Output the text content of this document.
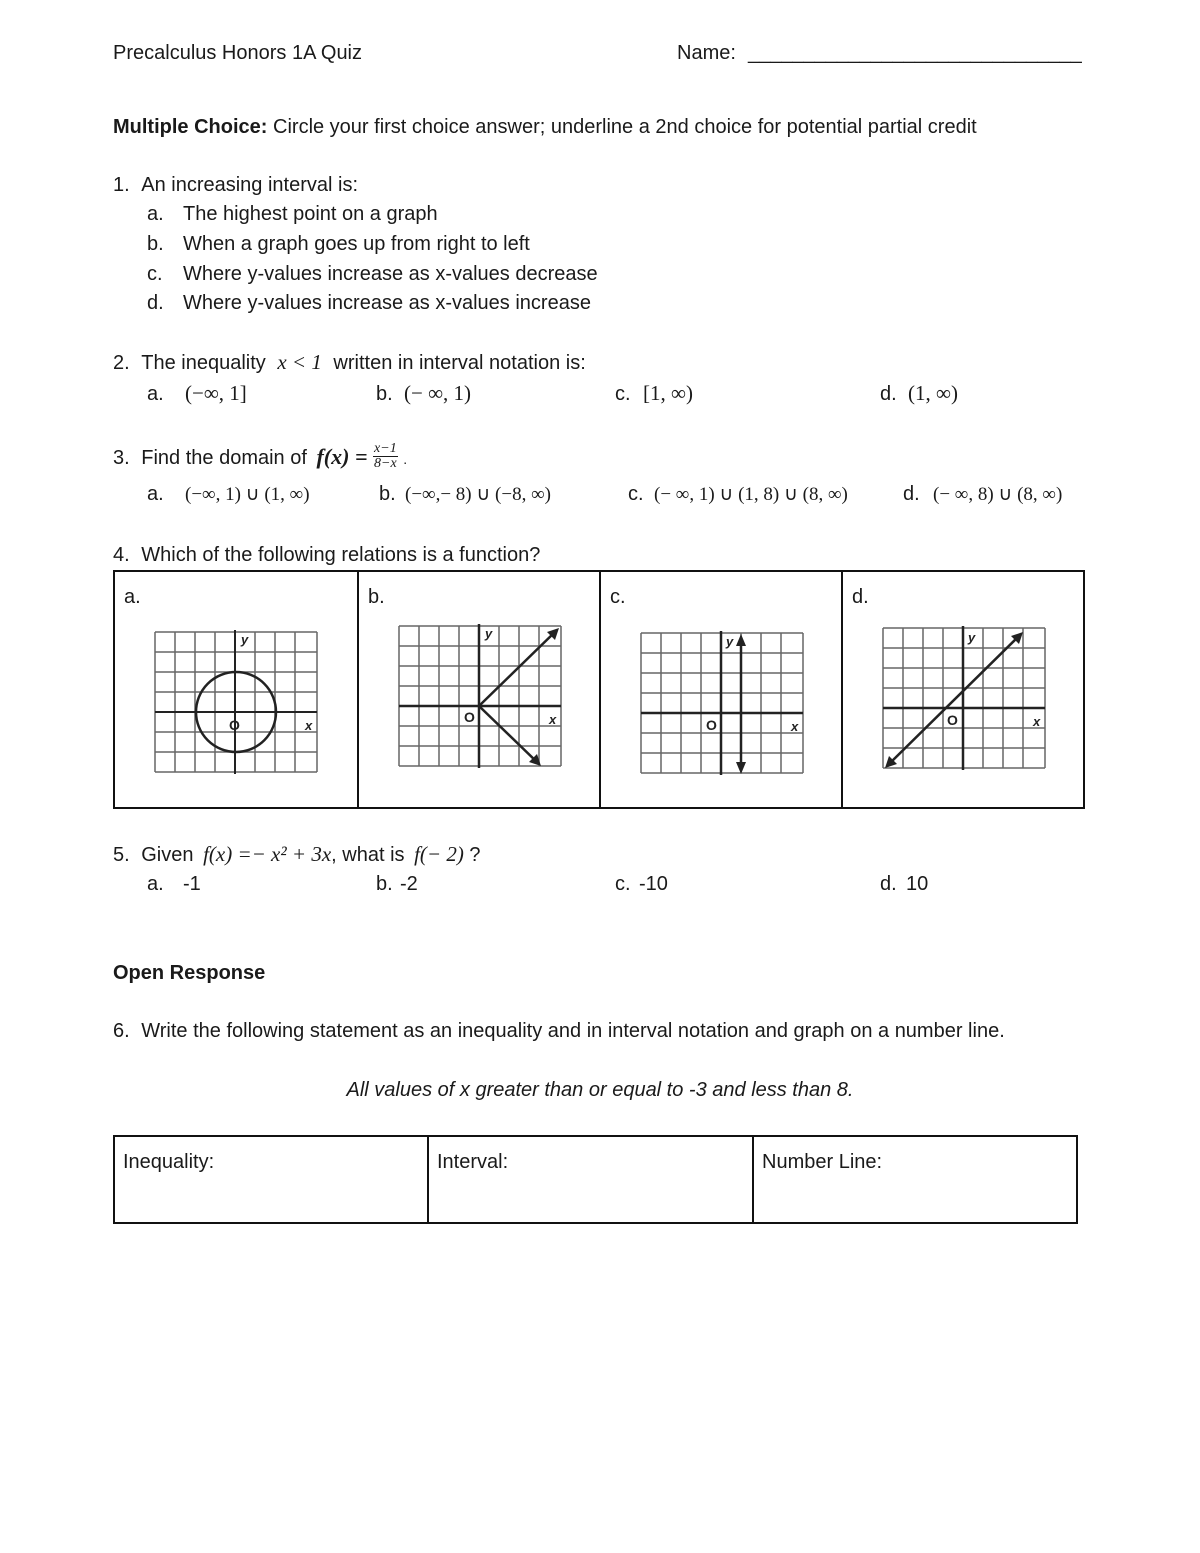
Precalculus Honors 1A Quiz	Name: ______________________________
Multiple Choice: Circle your first choice answer; underline a 2nd choice for potential partial credit
1. An increasing interval is:
a. The highest point on a graph
b. When a graph goes up from right to left
c. Where y-values increase as x-values decrease
d. Where y-values increase as x-values increase
2. The inequality x < 1 written in interval notation is:
a. (−∞, 1]	b. (− ∞, 1)	c. [1, ∞)	d. (1, ∞)
3. Find the domain of $f(x) = \frac{x-1}{8-x}$ .
a. (−∞, 1) ∪ (1, ∞)	b. (−∞,− 8) ∪ (−8, ∞)	c. (− ∞, 1) ∪ (1, 8) ∪ (8, ∞)	d. (− ∞, 8) ∪ (8, ∞)
4. Which of the following relations is a function?
a.
O	x
y
b.
O	x
y
c.
O	x
y
d.
O	x
y
5. Given f(x) =− x² + 3x, what is f(− 2) ?
a. -1	b. -2	c. -10	d. 10
Open Response
6. Write the following statement as an inequality and in interval notation and graph on a number line.
All values of x greater than or equal to -3 and less than 8.
Inequality:	Interval:	Number Line:
